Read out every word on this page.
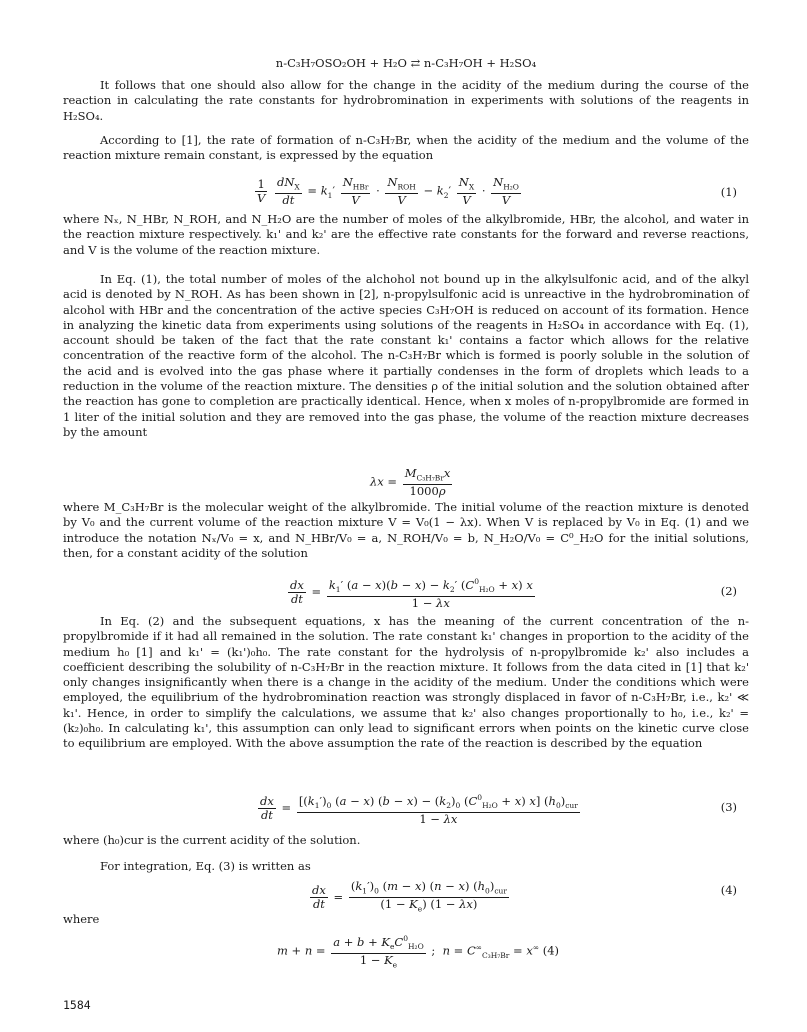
n-C₃H₇OSO₂OH + H₂O ⇄ n-C₃H₇OH + H₂SO₄

It follows that one should also allow for the change in the acidity of the medium during the course of the reaction in calculating the rate constants for hydrobromination in experiments with solutions of the reagents in H₂SO₄.

According to [1], the rate of formation of n-C₃H₇Br, when the acidity of the medium and the volume of the reaction mixture remain constant, is expressed by the equation

$\frac{1}{V}$
$\frac{dN_X}{dt} = k_1' \frac{N_{HBr}}{V} \cdot \frac{N_{ROH}}{V} - k_2' \frac{N_X}{V} \cdot \frac{N_{H_2O}}{V}$	(1)

where Nₓ, N_HBr, N_ROH, and N_H₂O are the number of moles of the alkylbromide, HBr, the alcohol, and water in the reaction mixture respectively. k₁' and k₂' are the effective rate constants for the forward and reverse reactions, and V is the volume of the reaction mixture.

In Eq. (1), the total number of moles of the alchohol not bound up in the alkylsulfonic acid, and of the alkyl acid is denoted by N_ROH. As has been shown in [2], n-propylsulfonic acid is unreactive in the hydrobromination of alcohol with HBr and the concentration of the active species C₃H₇OH is reduced on account of its formation. Hence in analyzing the kinetic data from experiments using solutions of the reagents in H₂SO₄ in accordance with Eq. (1), account should be taken of the fact that the rate constant k₁' contains a factor which allows for the relative concentration of the reactive form of the alcohol. The n-C₃H₇Br which is formed is poorly soluble in the solution of the acid and is evolved into the gas phase where it partially condenses in the form of droplets which leads to a reduction in the volume of the reaction mixture. The densities ρ of the initial solution and the solution obtained after the reaction has gone to completion are practically identical. Hence, when x moles of n-propylbromide are formed in 1 liter of the initial solution and they are removed into the gas phase, the volume of the reaction mixture decreases by the amount

$\lambda x = \frac{M_{C_3H_7Br}x}{1000\rho}$

where M_C₃H₇Br is the molecular weight of the alkylbromide. The initial volume of the reaction mixture is denoted by V₀ and the current volume of the reaction mixture V = V₀(1 − λx). When V is replaced by V₀ in Eq. (1) and we introduce the notation Nₓ/V₀ = x, and N_HBr/V₀ = a, N_ROH/V₀ = b, N_H₂O/V₀ = C⁰_H₂O for the initial solutions, then, for a constant acidity of the solution

$\frac{dx}{dt} = \frac{k_1' (a - x)(b - x) - k_2' (C^0_{H_2O} + x) x}{1 - \lambda x}$	(2)

In Eq. (2) and the subsequent equations, x has the meaning of the current concentration of the n-propylbromide if it had all remained in the solution. The rate constant k₁' changes in proportion to the acidity of the medium h₀ [1] and k₁' = (k₁')₀h₀. The rate constant for the hydrolysis of n-propylbromide k₂' also includes a coefficient describing the solubility of n-C₃H₇Br in the reaction mixture. It follows from the data cited in [1] that k₂' only changes insignificantly when there is a change in the acidity of the medium. Under the conditions which were employed, the equilibrium of the hydrobromination reaction was strongly displaced in favor of n-C₃H₇Br, i.e., k₂' ≪ k₁'. Hence, in order to simplify the calculations, we assume that k₂' also changes proportionally to h₀, i.e., k₂' = (k₂)₀h₀. In calculating k₁', this assumption can only lead to significant errors when points on the kinetic curve close to equilibrium are employed. With the above assumption the rate of the reaction is described by the equation

$\frac{dx}{dt} = \frac{[(k_1')_0 (a - x) (b - x) - (k_2)_0 (C^0_{H_2O} + x) x] (h_0)_{cur}}{1 - \lambda x}$	(3)

where (h₀)cur is the current acidity of the solution.

For integration, Eq. (3) is written as

$\frac{dx}{dt} = \frac{(k_1')_0 (m - x) (n - x) (h_0)_{cur}}{(1 - K_e) (1 - \lambda x)}$	(4)

where

$m + n = \frac{a + b + K_eC^0_{H_2O}}{1 - K_e}$ ;  $n = C^\infty_{C_3H_7Br} = x^\infty$ (4)
1584
